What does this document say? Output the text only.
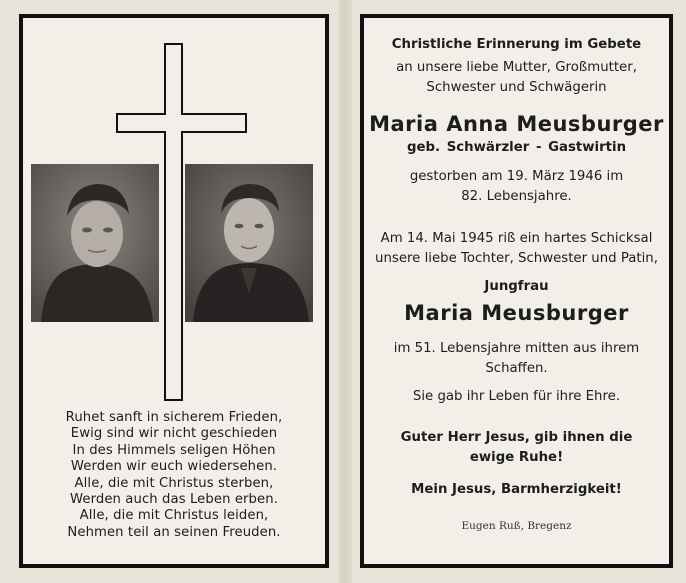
Ruhet sanft in sicherem Frieden,
Ewig sind wir nicht geschieden
In des Himmels seligen Höhen
Werden wir euch wiedersehen.
Alle, die mit Christus sterben,
Werden auch das Leben erben.
Alle, die mit Christus leiden,
Nehmen teil an seinen Freuden.
Christliche Erinnerung im Gebete
an unsere liebe Mutter, Großmutter,
Schwester und Schwägerin
Maria Anna Meusburger
geb. Schwärzler - Gastwirtin
gestorben am 19. März 1946 im
82. Lebensjahre.
Am 14. Mai 1945 riß ein hartes Schicksal
unsere liebe Tochter, Schwester und Patin,
Jungfrau
Maria Meusburger
im 51. Lebensjahre mitten aus ihrem
Schaffen.
Sie gab ihr Leben für ihre Ehre.
Guter Herr Jesus, gib ihnen die
ewige Ruhe!
Mein Jesus, Barmherzigkeit!
Eugen Ruß, Bregenz
